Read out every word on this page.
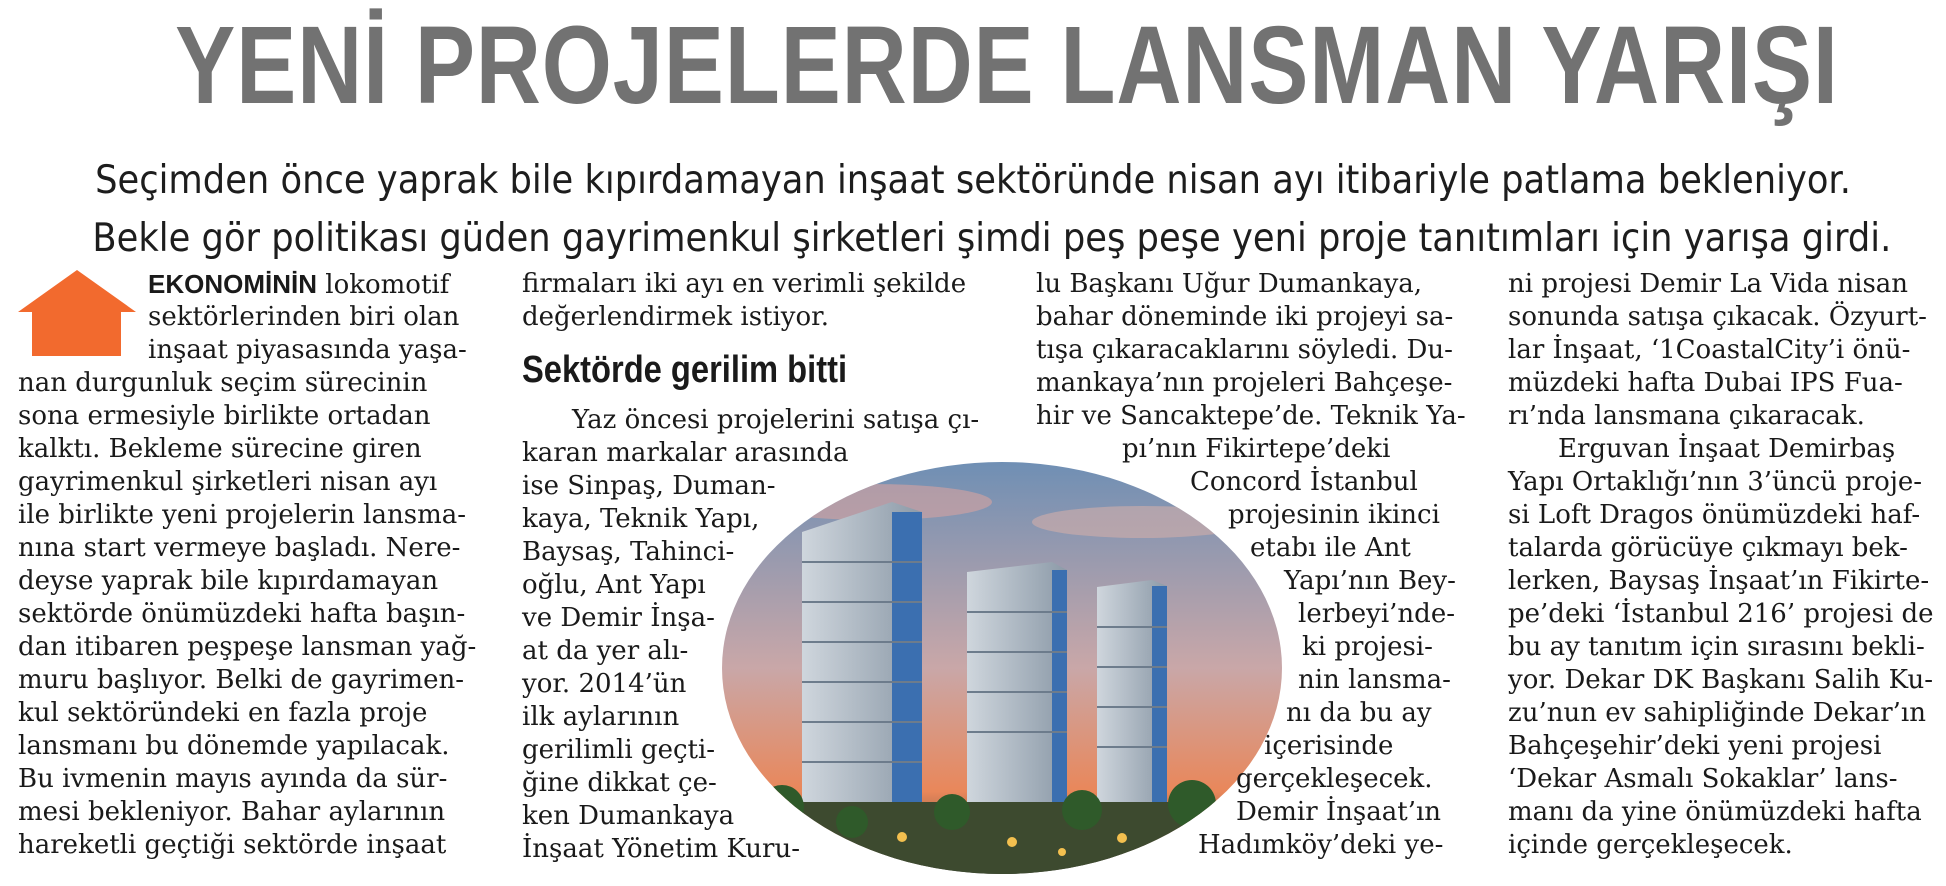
YENİ PROJELERDE LANSMAN YARIŞI
Seçimden önce yaprak bile kıpırdamayan inşaat sektöründe nisan ayı itibariyle patlama bekleniyor.
Bekle gör politikası güden gayrimenkul şirketleri şimdi peş peşe yeni proje tanıtımları için yarışa girdi.
EKONOMİNİN lokomotif
sektörlerinden biri olan
inşaat piyasasında yaşa-
nan durgunluk seçim sürecinin
sona ermesiyle birlikte ortadan
kalktı. Bekleme sürecine giren
gayrimenkul şirketleri nisan ayı
ile birlikte yeni projelerin lansma-
nına start vermeye başladı. Nere-
deyse yaprak bile kıpırdamayan
sektörde önümüzdeki hafta başın-
dan itibaren peşpeşe lansman yağ-
muru başlıyor. Belki de gayrimen-
kul sektöründeki en fazla proje
lansmanı bu dönemde yapılacak.
Bu ivmenin mayıs ayında da sür-
mesi bekleniyor. Bahar aylarının
hareketli geçtiği sektörde inşaat
firmaları iki ayı en verimli şekilde
değerlendirmek istiyor.
Sektörde gerilim bitti
Yaz öncesi projelerini satışa çı-
karan markalar arasında
ise Sinpaş, Duman-
kaya, Teknik Yapı,
Baysaş, Tahinci-
oğlu, Ant Yapı
ve Demir İnşa-
at da yer alı-
yor. 2014’ün
ilk aylarının
gerilimli geçti-
ğine dikkat çe-
ken Dumankaya
İnşaat Yönetim Kuru-
lu Başkanı Uğur Dumankaya,
bahar döneminde iki projeyi sa-
tışa çıkaracaklarını söyledi. Du-
mankaya’nın projeleri Bahçeşe-
hir ve Sancaktepe’de. Teknik Ya-
pı’nın Fikirtepe’deki
Concord İstanbul
projesinin ikinci
etabı ile Ant
Yapı’nın Bey-
lerbeyi’nde-
ki projesi-
nin lansma-
nı da bu ay
içerisinde
gerçekleşecek.
Demir İnşaat’ın
Hadımköy’deki ye-
ni projesi Demir La Vida nisan
sonunda satışa çıkacak. Özyurt-
lar İnşaat, ‘1CoastalCity’i önü-
müzdeki hafta Dubai IPS Fua-
rı’nda lansmana çıkaracak.
Erguvan İnşaat Demirbaş
Yapı Ortaklığı’nın 3’üncü proje-
si Loft Dragos önümüzdeki haf-
talarda görücüye çıkmayı bek-
lerken, Baysaş İnşaat’ın Fikirte-
pe’deki ‘İstanbul 216’ projesi de
bu ay tanıtım için sırasını bekli-
yor. Dekar DK Başkanı Salih Ku-
zu’nun ev sahipliğinde Dekar’ın
Bahçeşehir’deki yeni projesi
‘Dekar Asmalı Sokaklar’ lans-
manı da yine önümüzdeki hafta
içinde gerçekleşecek.
